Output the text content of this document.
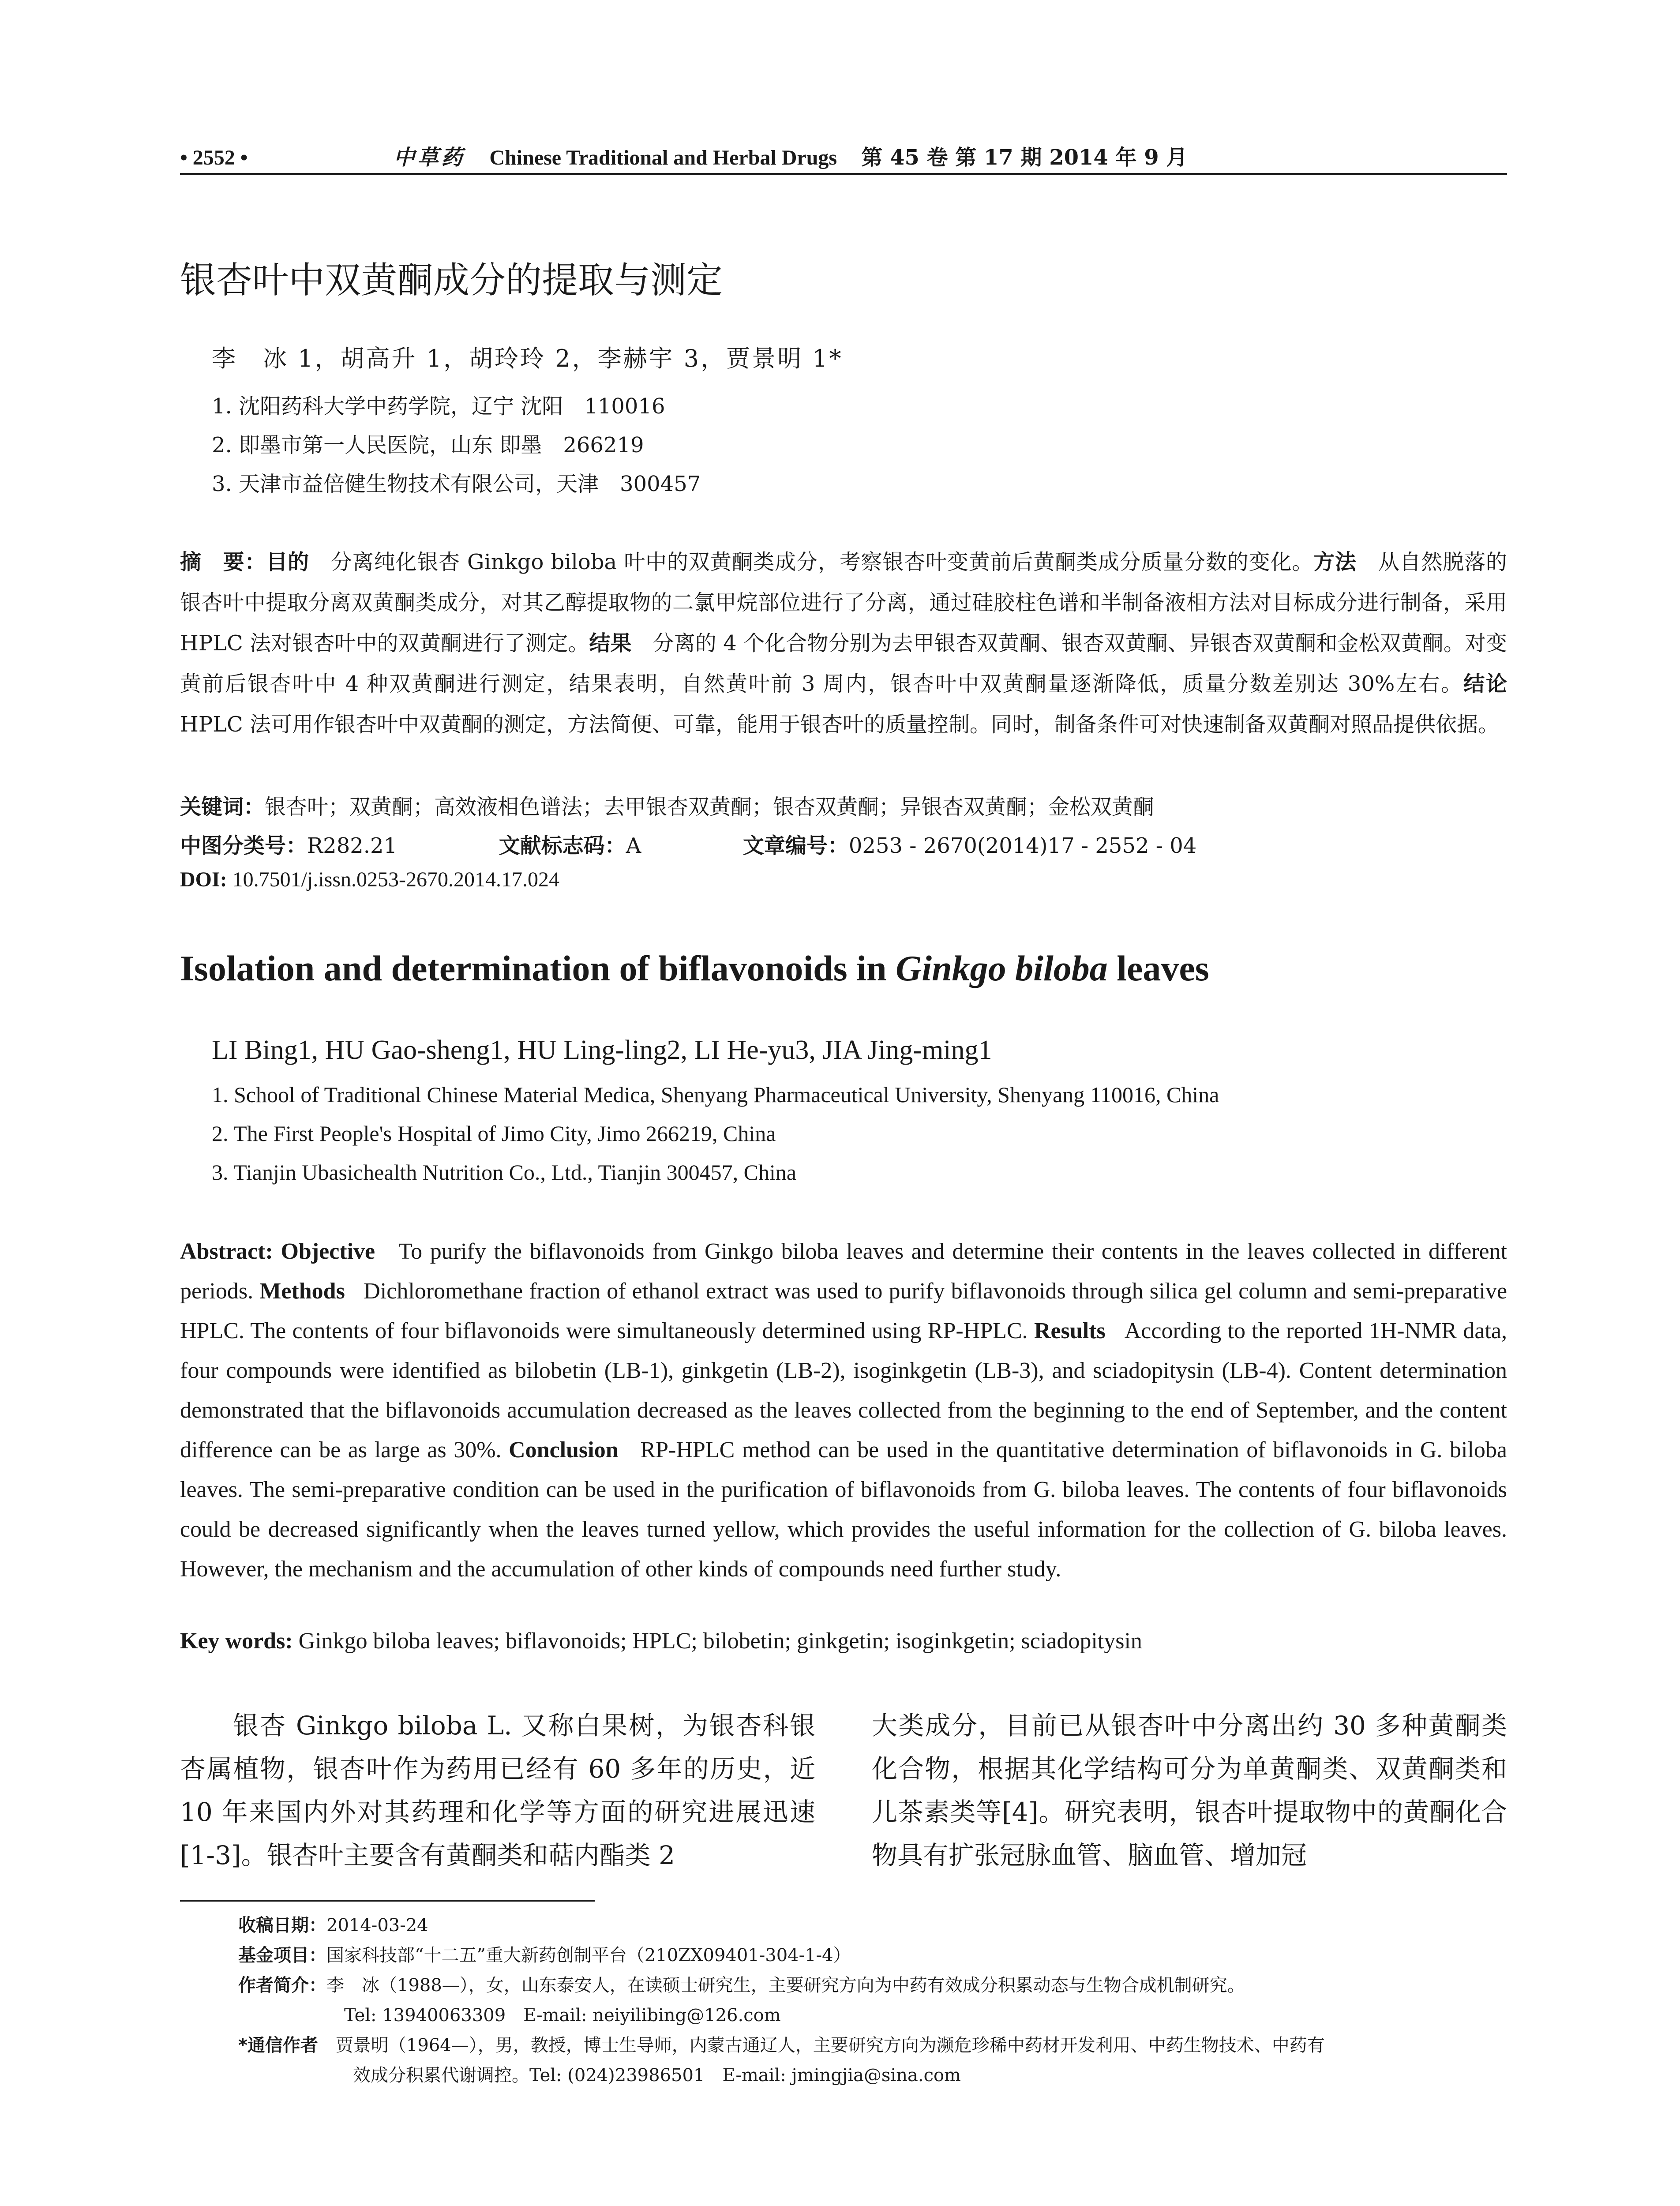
• 2552 •	中草药 Chinese Traditional and Herbal Drugs 第 45 卷 第 17 期 2014 年 9 月
银杏叶中双黄酮成分的提取与测定
李　冰 1，胡高升 1，胡玲玲 2，李赫宇 3，贾景明 1*
1. 沈阳药科大学中药学院，辽宁 沈阳　110016
2. 即墨市第一人民医院，山东 即墨　266219
3. 天津市益倍健生物技术有限公司，天津　300457
摘　要：目的　 分离纯化银杏 Ginkgo biloba 叶中的双黄酮类成分，考察银杏叶变黄前后黄酮类成分质量分数的变化。方法　 从自然脱落的银杏叶中提取分离双黄酮类成分，对其乙醇提取物的二氯甲烷部位进行了分离，通过硅胶柱色谱和半制备液相方法对目标成分进行制备，采用 HPLC 法对银杏叶中的双黄酮进行了测定。结果　 分离的 4 个化合物分别为去甲银杏双黄酮、银杏双黄酮、异银杏双黄酮和金松双黄酮。对变黄前后银杏叶中 4 种双黄酮进行测定，结果表明，自然黄叶前 3 周内，银杏叶中双黄酮量逐渐降低，质量分数差别达 30%左右。结论　HPLC 法可用作银杏叶中双黄酮的测定，方法简便、可靠，能用于银杏叶的质量控制。同时，制备条件可对快速制备双黄酮对照品提供依据。
关键词：银杏叶；双黄酮；高效液相色谱法；去甲银杏双黄酮；银杏双黄酮；异银杏双黄酮；金松双黄酮
中图分类号：R282.21	文献标志码：A	文章编号：0253 - 2670(2014)17 - 2552 - 04
DOI: 10.7501/j.issn.0253-2670.2014.17.024
Isolation and determination of biflavonoids in Ginkgo biloba leaves
LI Bing1, HU Gao-sheng1, HU Ling-ling2, LI He-yu3, JIA Jing-ming1
1. School of Traditional Chinese Material Medica, Shenyang Pharmaceutical University, Shenyang 110016, China
2. The First People's Hospital of Jimo City, Jimo 266219, China
3. Tianjin Ubasichealth Nutrition Co., Ltd., Tianjin 300457, China
Abstract: Objective To purify the biflavonoids from Ginkgo biloba leaves and determine their contents in the leaves collected in different periods. Methods Dichloromethane fraction of ethanol extract was used to purify biflavonoids through silica gel column and semi-preparative HPLC. The contents of four biflavonoids were simultaneously determined using RP-HPLC. Results According to the reported 1H-NMR data, four compounds were identified as bilobetin (LB-1), ginkgetin (LB-2), isoginkgetin (LB-3), and sciadopitysin (LB-4). Content determination demonstrated that the biflavonoids accumulation decreased as the leaves collected from the beginning to the end of September, and the content difference can be as large as 30%. Conclusion RP-HPLC method can be used in the quantitative determination of biflavonoids in G. biloba leaves. The semi-preparative condition can be used in the purification of biflavonoids from G. biloba leaves. The contents of four biflavonoids could be decreased significantly when the leaves turned yellow, which provides the useful information for the collection of G. biloba leaves. However, the mechanism and the accumulation of other kinds of compounds need further study.
Key words: Ginkgo biloba leaves; biflavonoids; HPLC; bilobetin; ginkgetin; isoginkgetin; sciadopitysin
银杏 Ginkgo biloba L. 又称白果树，为银杏科银杏属植物，银杏叶作为药用已经有 60 多年的历史，近 10 年来国内外对其药理和化学等方面的研究进展迅速[1-3]。银杏叶主要含有黄酮类和萜内酯类 2
大类成分，目前已从银杏叶中分离出约 30 多种黄酮类化合物，根据其化学结构可分为单黄酮类、双黄酮类和儿茶素类等[4]。研究表明，银杏叶提取物中的黄酮化合物具有扩张冠脉血管、脑血管、增加冠
收稿日期：2014-03-24
基金项目：国家科技部“十二五”重大新药创制平台（210ZX09401-304-1-4）
作者简介：李　冰（1988—），女，山东泰安人，在读硕士研究生，主要研究方向为中药有效成分积累动态与生物合成机制研究。
Tel: 13940063309　E-mail: neiyilibing@126.com
*通信作者　 贾景明（1964—），男，教授，博士生导师，内蒙古通辽人，主要研究方向为濒危珍稀中药材开发利用、中药生物技术、中药有
效成分积累代谢调控。Tel: (024)23986501　E-mail: jmingjia@sina.com
